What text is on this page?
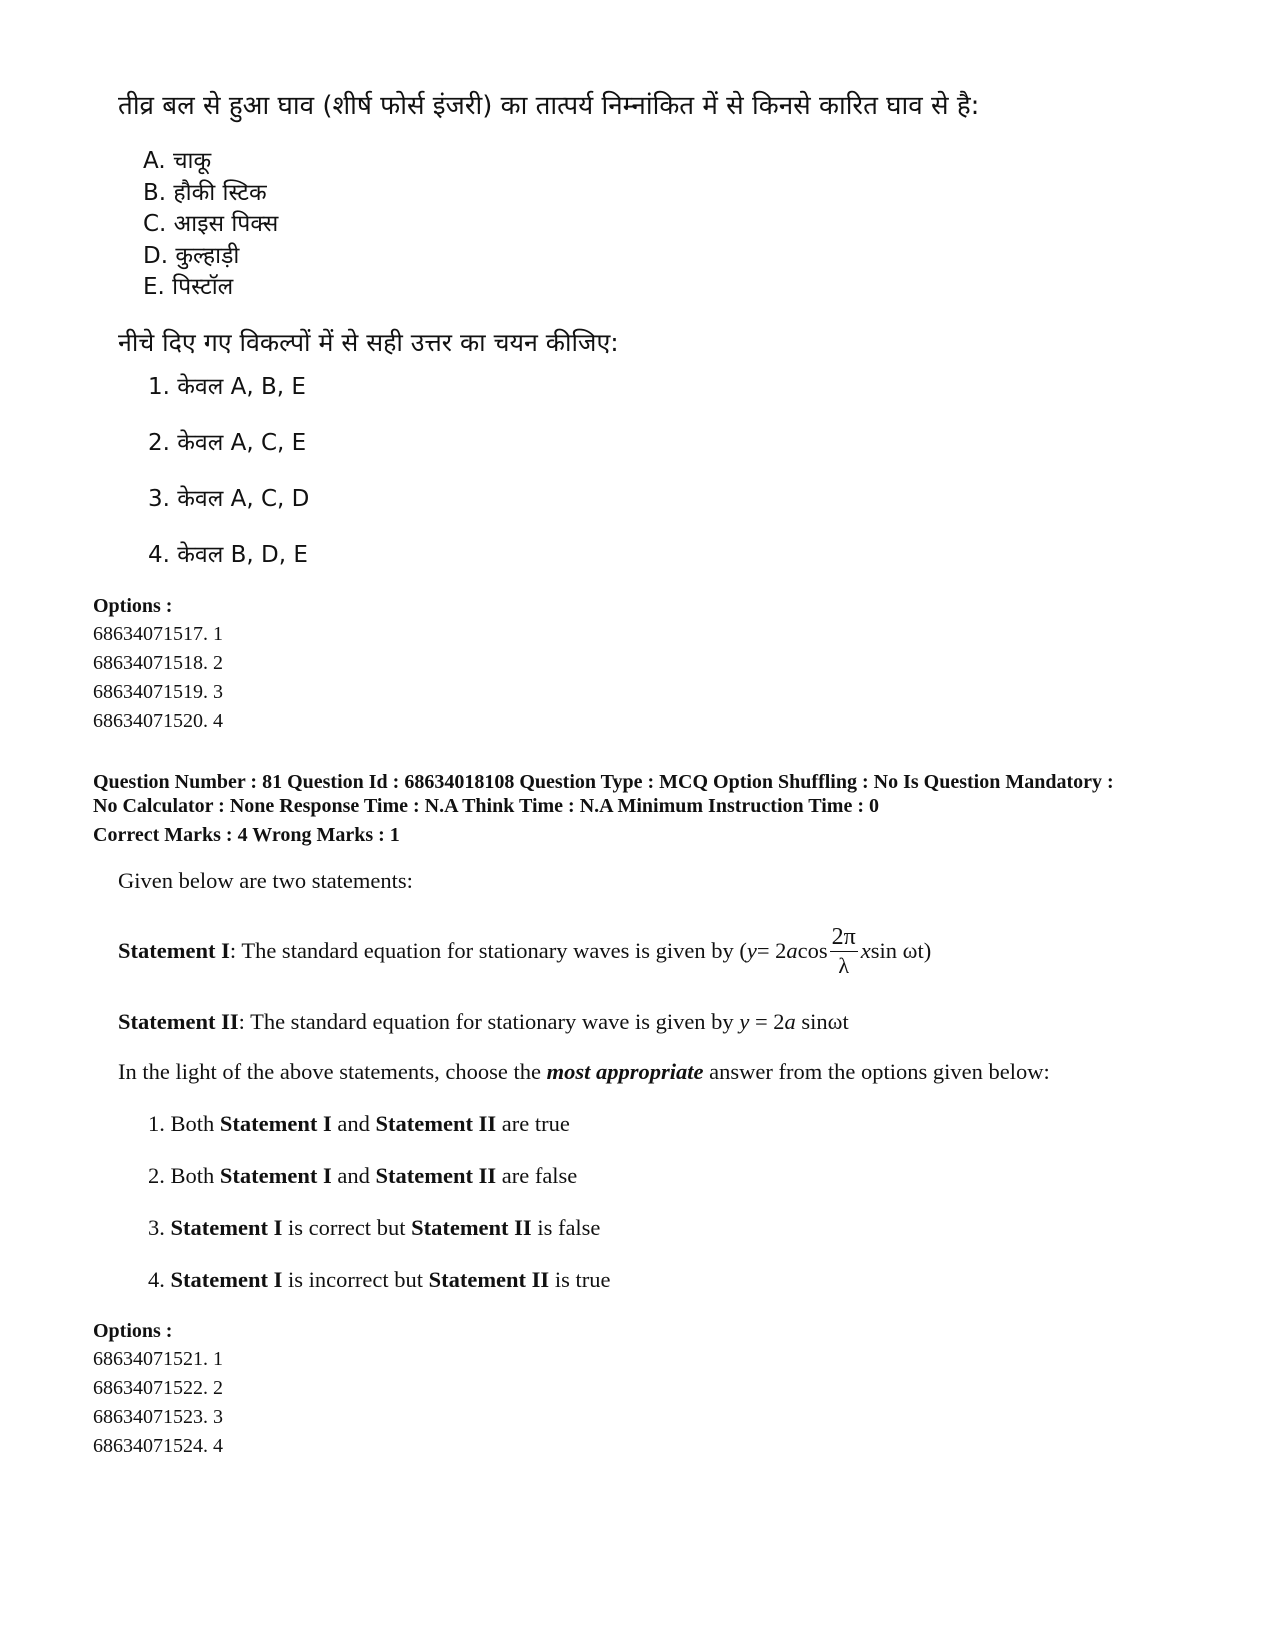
तीव्र बल से हुआ घाव (शीर्ष फोर्स इंजरी) का तात्पर्य निम्नांकित में से किनसे कारित घाव से है:
A. चाकू
B. हौकी स्टिक
C. आइस पिक्स
D. कुल्हाड़ी
E. पिस्टॉल
नीचे दिए गए विकल्पों में से सही उत्तर का चयन कीजिए:
1. केवल A, B, E
2. केवल A, C, E
3. केवल A, C, D
4. केवल B, D, E
Options :
68634071517. 1
68634071518. 2
68634071519. 3
68634071520. 4
Question Number : 81 Question Id : 68634018108 Question Type : MCQ Option Shuffling : No Is Question Mandatory :
No Calculator : None Response Time : N.A Think Time : N.A Minimum Instruction Time : 0
Correct Marks : 4 Wrong Marks : 1
Given below are two statements:
Statement I : The standard equation for stationary waves is given by ( y = 2 a $\cos \frac{2\pi}{\lambda}$ x sin ωt )
Statement II: The standard equation for stationary wave is given by y = 2a sinωt
In the light of the above statements, choose the most appropriate answer from the options given below:
1. Both Statement I and Statement II are true
2. Both Statement I and Statement II are false
3. Statement I is correct but Statement II is false
4. Statement I is incorrect but Statement II is true
Options :
68634071521. 1
68634071522. 2
68634071523. 3
68634071524. 4
